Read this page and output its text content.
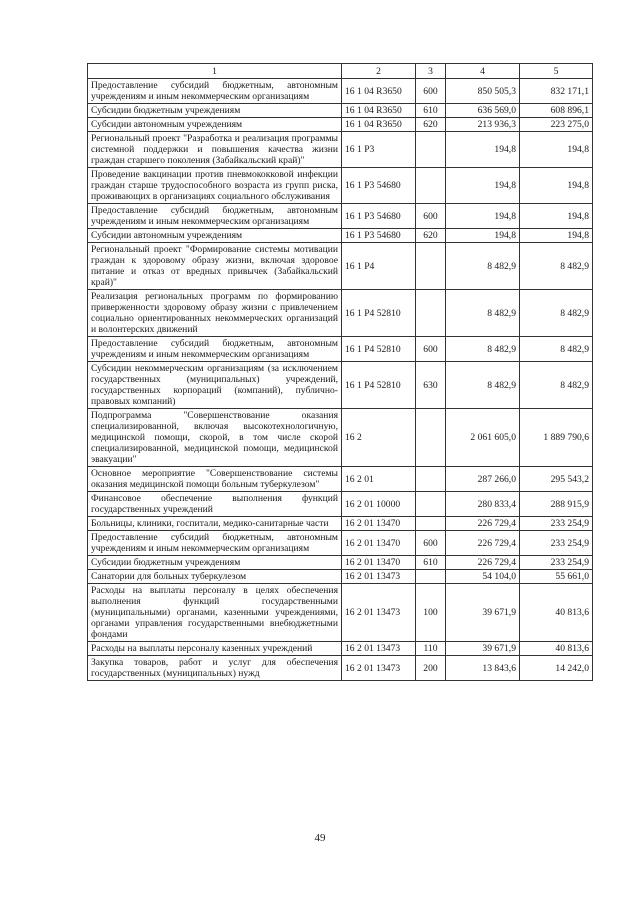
1	2	3	4	5
Предоставление субсидий бюджетным, автономным учреждениям и иным некоммерческим организациям	16 1 04 R3650	600	850 505,3	832 171,1
Субсидии бюджетным учреждениям	16 1 04 R3650	610	636 569,0	608 896,1
Субсидии автономным учреждениям	16 1 04 R3650	620	213 936,3	223 275,0
Региональный проект "Разработка и реализация программы системной поддержки и повышения качества жизни граждан старшего поколения (Забайкальский край)"	16 1 P3		194,8	194,8
Проведение вакцинации против пневмококковой инфекции граждан старше трудоспособного возраста из групп риска, проживающих в организациях социального обслуживания	16 1 P3 54680		194,8	194,8
Предоставление субсидий бюджетным, автономным учреждениям и иным некоммерческим организациям	16 1 P3 54680	600	194,8	194,8
Субсидии автономным учреждениям	16 1 P3 54680	620	194,8	194,8
Региональный проект "Формирование системы мотивации граждан к здоровому образу жизни, включая здоровое питание и отказ от вредных привычек (Забайкальский край)"	16 1 P4		8 482,9	8 482,9
Реализация региональных программ по формированию приверженности здоровому образу жизни с привлечением социально ориентированных некоммерческих организаций и волонтерских движений	16 1 P4 52810		8 482,9	8 482,9
Предоставление субсидий бюджетным, автономным учреждениям и иным некоммерческим организациям	16 1 P4 52810	600	8 482,9	8 482,9
Субсидии некоммерческим организациям (за исключением государственных (муниципальных) учреждений, государственных корпораций (компаний), публично-правовых компаний)	16 1 P4 52810	630	8 482,9	8 482,9
Подпрограмма "Совершенствование оказания специализированной, включая высокотехнологичную, медицинской помощи, скорой, в том числе скорой специализированной, медицинской помощи, медицинской эвакуации"	16 2		2 061 605,0	1 889 790,6
Основное мероприятие "Совершенствование системы оказания медицинской помощи больным туберкулезом"	16 2 01		287 266,0	295 543,2
Финансовое обеспечение выполнения функций государственных учреждений	16 2 01 10000		280 833,4	288 915,9
Больницы, клиники, госпитали, медико-санитарные части	16 2 01 13470		226 729,4	233 254,9
Предоставление субсидий бюджетным, автономным учреждениям и иным некоммерческим организациям	16 2 01 13470	600	226 729,4	233 254,9
Субсидии бюджетным учреждениям	16 2 01 13470	610	226 729,4	233 254,9
Санатории для больных туберкулезом	16 2 01 13473		54 104,0	55 661,0
Расходы на выплаты персоналу в целях обеспечения выполнения функций государственными (муниципальными) органами, казенными учреждениями, органами управления государственными внебюджетными фондами	16 2 01 13473	100	39 671,9	40 813,6
Расходы на выплаты персоналу казенных учреждений	16 2 01 13473	110	39 671,9	40 813,6
Закупка товаров, работ и услуг для обеспечения государственных (муниципальных) нужд	16 2 01 13473	200	13 843,6	14 242,0
49
